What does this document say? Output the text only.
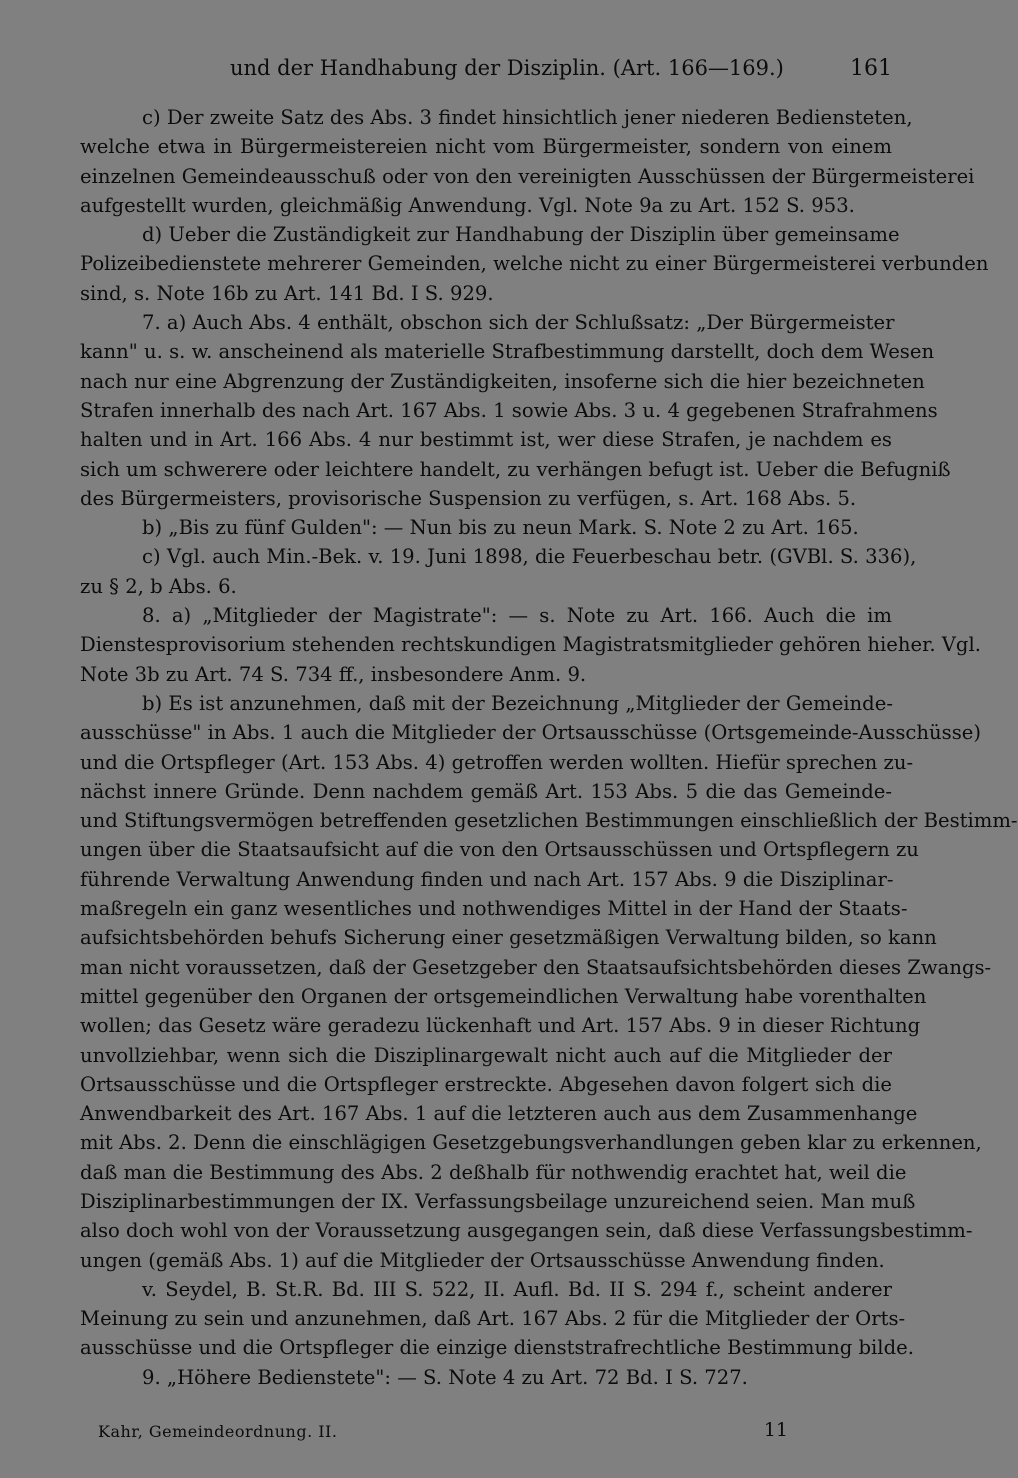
und der Handhabung der Disziplin. (Art. 166—169.)	161
c) Der zweite Satz des Abs. 3 findet hinsichtlich jener niederen Bediensteten,
welche etwa in Bürgermeistereien nicht vom Bürgermeister, sondern von einem
einzelnen Gemeindeausschuß oder von den vereinigten Ausschüssen der Bürgermeisterei
aufgestellt wurden, gleichmäßig Anwendung. Vgl. Note 9a zu Art. 152 S. 953.
d) Ueber die Zuständigkeit zur Handhabung der Disziplin über gemeinsame
Polizeibedienstete mehrerer Gemeinden, welche nicht zu einer Bürgermeisterei verbunden
sind, s. Note 16b zu Art. 141 Bd. I S. 929.
7. a) Auch Abs. 4 enthält, obschon sich der Schlußsatz: „Der Bürgermeister
kann" u. s. w. anscheinend als materielle Strafbestimmung darstellt, doch dem Wesen
nach nur eine Abgrenzung der Zuständigkeiten, insoferne sich die hier bezeichneten
Strafen innerhalb des nach Art. 167 Abs. 1 sowie Abs. 3 u. 4 gegebenen Strafrahmens
halten und in Art. 166 Abs. 4 nur bestimmt ist, wer diese Strafen, je nachdem es
sich um schwerere oder leichtere handelt, zu verhängen befugt ist. Ueber die Befugniß
des Bürgermeisters, provisorische Suspension zu verfügen, s. Art. 168 Abs. 5.
b) „Bis zu fünf Gulden": — Nun bis zu neun Mark. S. Note 2 zu Art. 165.
c) Vgl. auch Min.-Bek. v. 19. Juni 1898, die Feuerbeschau betr. (GVBl. S. 336),
zu § 2, b Abs. 6.
8. a) „Mitglieder der Magistrate": — s. Note zu Art. 166. Auch die im
Dienstesprovisorium stehenden rechtskundigen Magistratsmitglieder gehören hieher. Vgl.
Note 3b zu Art. 74 S. 734 ff., insbesondere Anm. 9.
b) Es ist anzunehmen, daß mit der Bezeichnung „Mitglieder der Gemeinde-
ausschüsse" in Abs. 1 auch die Mitglieder der Ortsausschüsse (Ortsgemeinde-Ausschüsse)
und die Ortspfleger (Art. 153 Abs. 4) getroffen werden wollten. Hiefür sprechen zu-
nächst innere Gründe. Denn nachdem gemäß Art. 153 Abs. 5 die das Gemeinde-
und Stiftungsvermögen betreffenden gesetzlichen Bestimmungen einschließlich der Bestimm-
ungen über die Staatsaufsicht auf die von den Ortsausschüssen und Ortspflegern zu
führende Verwaltung Anwendung finden und nach Art. 157 Abs. 9 die Disziplinar-
maßregeln ein ganz wesentliches und nothwendiges Mittel in der Hand der Staats-
aufsichtsbehörden behufs Sicherung einer gesetzmäßigen Verwaltung bilden, so kann
man nicht voraussetzen, daß der Gesetzgeber den Staatsaufsichtsbehörden dieses Zwangs-
mittel gegenüber den Organen der ortsgemeindlichen Verwaltung habe vorenthalten
wollen; das Gesetz wäre geradezu lückenhaft und Art. 157 Abs. 9 in dieser Richtung
unvollziehbar, wenn sich die Disziplinargewalt nicht auch auf die Mitglieder der
Ortsausschüsse und die Ortspfleger erstreckte. Abgesehen davon folgert sich die
Anwendbarkeit des Art. 167 Abs. 1 auf die letzteren auch aus dem Zusammenhange
mit Abs. 2. Denn die einschlägigen Gesetzgebungsverhandlungen geben klar zu erkennen,
daß man die Bestimmung des Abs. 2 deßhalb für nothwendig erachtet hat, weil die
Disziplinarbestimmungen der IX. Verfassungsbeilage unzureichend seien. Man muß
also doch wohl von der Voraussetzung ausgegangen sein, daß diese Verfassungsbestimm-
ungen (gemäß Abs. 1) auf die Mitglieder der Ortsausschüsse Anwendung finden.
v. Seydel, B. St.R. Bd. III S. 522, II. Aufl. Bd. II S. 294 f., scheint anderer
Meinung zu sein und anzunehmen, daß Art. 167 Abs. 2 für die Mitglieder der Orts-
ausschüsse und die Ortspfleger die einzige dienststrafrechtliche Bestimmung bilde.
9. „Höhere Bedienstete": — S. Note 4 zu Art. 72 Bd. I S. 727.
Kahr, Gemeindeordnung. II.	11
